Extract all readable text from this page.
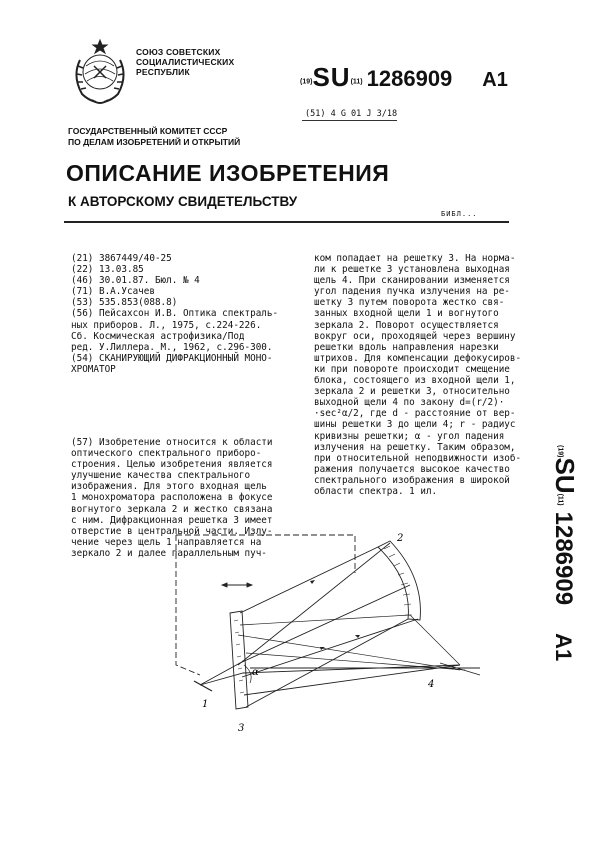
СОЮЗ СОВЕТСКИХ
СОЦИАЛИСТИЧЕСКИХ
РЕСПУБЛИК
(19)SU(11) 1286909 A1
(51) 4 G 01 J 3/18
ГОСУДАРСТВЕННЫЙ КОМИТЕТ СССР
ПО ДЕЛАМ ИЗОБРЕТЕНИЙ И ОТКРЫТИЙ
ОПИСАНИЕ ИЗОБРЕТЕНИЯ
К АВТОРСКОМУ СВИДЕТЕЛЬСТВУ
БИБЛ...
(21) 3867449/40-25
(22) 13.03.85
(46) 30.01.87. Бюл. № 4
(71) В.А.Усачев
(53) 535.853(088.8)
(56) Пейсахсон И.В. Оптика спектраль-
ных приборов. Л., 1975, с.224-226.
Сб. Космическая астрофизика/Под
ред. У.Лиллера. М., 1962, с.296-300.
(54) СКАНИРУЮЩИЙ ДИФРАКЦИОННЫЙ МОНО-
ХРОМАТОР
(57) Изобретение относится к области
оптического спектрального приборо-
строения. Целью изобретения является
улучшение качества спектрального
изображения. Для этого входная щель
1 монохроматора расположена в фокусе
вогнутого зеркала 2 и жестко связана
с ним. Дифракционная решетка 3 имеет
отверстие в центральной части. Излу-
чение через щель 1 направляется на
зеркало 2 и далее параллельным пуч-
ком попадает на решетку 3. На норма-
ли к решетке 3 установлена выходная
щель 4. При сканировании изменяется
угол падения пучка излучения на ре-
шетку 3 путем поворота жестко свя-
занных входной щели 1 и вогнутого
зеркала 2. Поворот осуществляется
вокруг оси, проходящей через вершину
решетки вдоль направления нарезки
штрихов. Для компенсации дефокусиров-
ки при повороте происходит смещение
блока, состоящего из входной щели 1,
зеркала 2 и решетки 3, относительно
выходной щели 4 по закону d=(r/2)·
·sec²α/2, где d - расстояние от вер-
шины решетки 3 до щели 4; r - радиус
кривизны решетки; α - угол падения
излучения на решетку. Таким образом,
при относительной неподвижности изоб-
ражения получается высокое качество
спектрального изображения в широкой
области спектра. 1 ил.
(19)SU(11)1286909A1
2
3
4
1
α
